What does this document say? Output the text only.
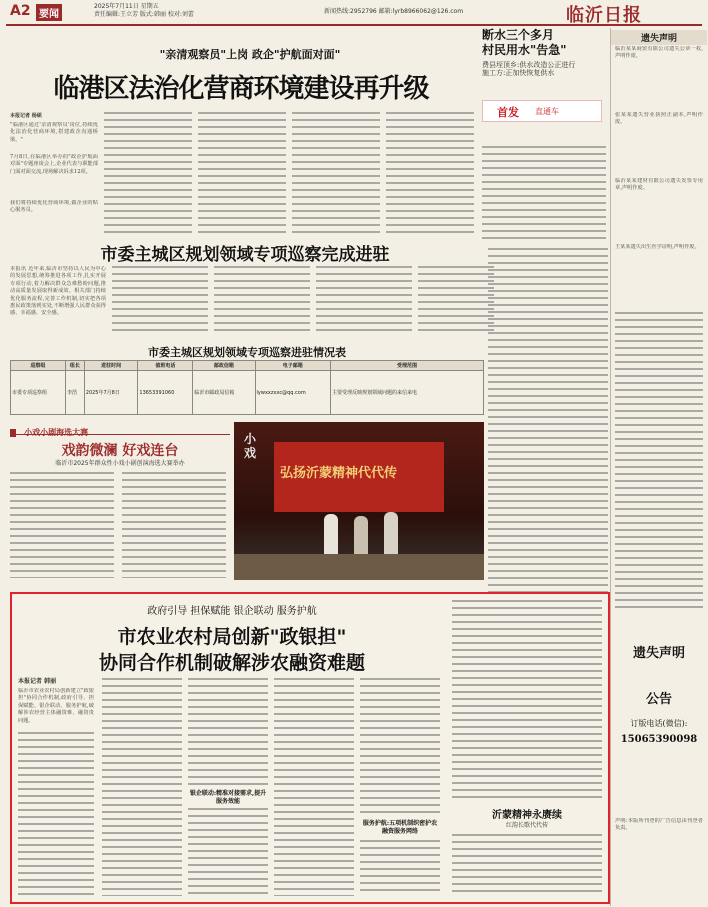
A2 要闻
2025年7月11日 星期五
责任编辑:王立芳 版式:韩丽 校对:刘蕾	新闻热线:2952796 邮箱:lyrb8966062@126.com	临沂日报
"亲清观察员"上岗 政企"护航面对面"
临港区法治化营商环境建设再升级
本报记者 杨硕
"临港区通过'亲清观察员'岗位,持续优化法治化营商环境,搭建政企沟通桥梁。"
7月8日,在临港区举办的"政企护航面对面"专题座谈会上,企业代表与职能部门面对面交流,现场解决诉求12项。
我们将持续优化营商环境,做企业的贴心服务员。
断水三个多月
村民用水"告急"
费县垤顶乡:供水改造公正进行
施工方:正加快恢复供水
首发 直通车
遗失声明
临沂某某商贸有限公司遗失公章一枚,声明作废。
张某某遗失营业执照正副本,声明作废。
临沂某某建材有限公司遗失发票专用章,声明作废。
王某某遗失出生医学证明,声明作废。
遗失声明
公告
订版电话(微信):
15065390098
声明:本版所刊登的广告信息由刊登者负责。
市委主城区规划领域专项巡察完成进驻
本报讯 近年来,临沂市坚持以人民为中心的发展思想,统筹推进各项工作,扎实开展专项行动,着力解决群众急难愁盼问题,推动高质量发展取得新成效。相关部门持续优化服务流程,完善工作机制,切实把各项惠民政策落到实处,不断增强人民群众获得感、幸福感、安全感。
市委主城区规划领域专项巡察进驻情况表
巡察组	组长	进驻时间	值班电话	邮政信箱	电子邮箱	受理范围
市委专项巡察组	李浩	2025年7月8日	13653391060	临沂市邮政局信箱	lywxxzxxc@qq.com	主要受理反映规划领域问题的来信来电
小戏小剧海选大赛
戏韵微澜 好戏连台
临沂市2025年群众性小戏小剧创演海选大赛举办
弘扬沂蒙精神代代传
小戏
政府引导 担保赋能 银企联动 服务护航
市农业农村局创新"政银担"
协同合作机制破解涉农融资难题
本报记者 韩丽
临沂市农业农村局创新建立"政银担"协同合作机制,政府引导、担保赋能、银企联动、服务护航,破解涉农经营主体融资难、融资贵问题。
银企联动:精准对接需求,提升服务效能
服务护航:五项机制织密护农融资服务网络
沂蒙精神永赓续
红韵长歌代代传
